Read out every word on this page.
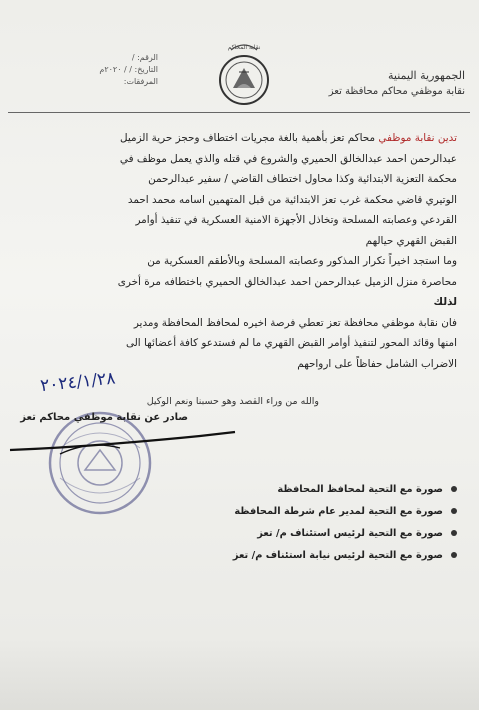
الجمهورية اليمنية
نقابة موظفي محاكم محافظة تعز
نقابة المحاكم
الرقم: /
التاريخ: / / ٢٠٢٠م
المرفقات:
تدين نقابة موظفي محاكم تعز بأهمية بالغة مجريات اختطاف وحجز حرية الزميل
عبدالرحمن احمد عبدالخالق الحميري والشروع في قتله والذي يعمل موظف في
محكمة التعزية الابتدائية وكذا محاول اختطاف القاضي / سفير عبدالرحمن
الوتيري قاضي محكمة غرب تعز الابتدائية من قبل المتهمين اسامه محمد احمد
القردعي وعصابته المسلحة وتخاذل الأجهزة الامنية العسكرية في تنفيذ أوامر
القبض القهري حيالهم
وما استجد اخيراً تكرار المذكور وعصابته المسلحة وبالأطقم العسكرية من
محاصرة منزل الزميل عبدالرحمن احمد عبدالخالق الحميري باختطافه مرة أخرى
لذلك
فان نقابة موظفي محافظة تعز تعطي فرصة اخيره لمحافظ المحافظة ومدير
امنها وقائد المحور لتنفيذ أوامر القبض القهري ما لم فستدعو كافة أعضائها الى
الاضراب الشامل حفاظاً على ارواحهم
والله من وراء القصد وهو حسبنا ونعم الوكيل
٢٠٢٤/١/٢٨
صادر عن نقابة موظفي محاكم تعز
صورة مع التحية لمحافظ المحافظة
صورة مع التحية لمدير عام شرطة المحافظة
صورة مع التحية لرئيس استئناف م/ تعز
صورة مع التحية لرئيس نيابة استئناف م/ تعز
